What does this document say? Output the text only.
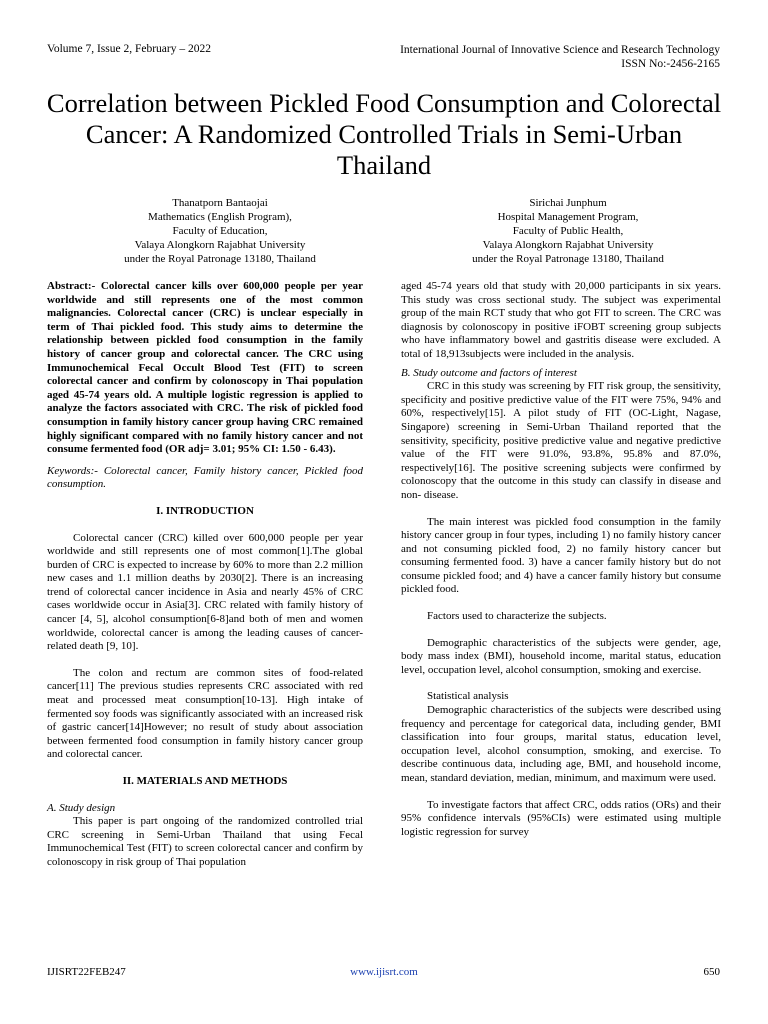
Volume 7, Issue 2, February – 2022	International Journal of Innovative Science and Research Technology
ISSN No:-2456-2165
Correlation between Pickled Food Consumption and Colorectal Cancer: A Randomized Controlled Trials in Semi-Urban Thailand
Thanatporn Bantaojai
Mathematics (English Program),
Faculty of Education,
Valaya Alongkorn Rajabhat University
under the Royal Patronage 13180, Thailand
Sirichai Junphum
Hospital Management Program,
Faculty of Public Health,
Valaya Alongkorn Rajabhat University
under the Royal Patronage 13180, Thailand

Abstract:- Colorectal cancer kills over 600,000 people per year worldwide and still represents one of the most common malignancies. Colorectal cancer (CRC) is unclear especially in term of Thai pickled food. This study aims to determine the relationship between pickled food consumption in the family history of cancer group and colorectal cancer. The CRC using Immunochemical Fecal Occult Blood Test (FIT) to screen colorectal cancer and confirm by colonoscopy in Thai population aged 45-74 years old. A multiple logistic regression is applied to analyze the factors associated with CRC. The risk of pickled food consumption in family history cancer group having CRC remained highly significant compared with no family history cancer and not consume fermented food (OR adj= 3.01; 95% CI: 1.50 - 6.43).

Keywords:- Colorectal cancer, Family history cancer, Pickled food consumption.

I. INTRODUCTION

Colorectal cancer (CRC) killed over 600,000 people per year worldwide and still represents one of most common[1].The global burden of CRC is expected to increase by 60% to more than 2.2 million new cases and 1.1 million deaths by 2030[2]. There is an increasing trend of colorectal cancer incidence in Asia and nearly 45% of CRC cases worldwide occur in Asia[3]. CRC related with family history of cancer [4, 5], alcohol consumption[6-8]and both of men and women worldwide, colorectal cancer is among the leading causes of cancer-related death [9, 10].

The colon and rectum are common sites of food-related cancer[11] The previous studies represents CRC associated with red meat and processed meat consumption[10-13]. High intake of fermented soy foods was significantly associated with an increased risk of gastric cancer[14]However; no result of study about association between fermented food consumption in family history cancer group and colorectal cancer.

II. MATERIALS AND METHODS
A. Study design

This paper is part ongoing of the randomized controlled trial CRC screening in Semi-Urban Thailand that using Fecal Immunochemical Test (FIT) to screen colorectal cancer and confirm by colonoscopy in risk group of Thai population

aged 45-74 years old that study with 20,000 participants in six years. This study was cross sectional study. The subject was experimental group of the main RCT study that who got FIT to screen. The CRC was diagnosis by colonoscopy in positive iFOBT screening group subjects who have inflammatory bowel and gastritis disease were excluded. A total of 18,913subjects were included in the analysis.

B. Study outcome and factors of interest

CRC in this study was screening by FIT risk group, the sensitivity, specificity and positive predictive value of the FIT were 75%, 94% and 60%, respectively[15]. A pilot study of FIT (OC-Light, Nagase, Singapore) screening in Semi-Urban Thailand reported that the sensitivity, specificity, positive predictive value and negative predictive value of the FIT were 91.0%, 93.8%, 95.8% and 87.0%, respectively[16]. The positive screening subjects were confirmed by colonoscopy that the outcome in this study can classify in disease and non- disease.

The main interest was pickled food consumption in the family history cancer group in four types, including 1) no family history cancer and not consuming pickled food, 2) no family history cancer but consuming fermented food. 3) have a cancer family history but do not consume pickled food; and 4) have a cancer family history but consume pickled food.

Factors used to characterize the subjects.

Demographic characteristics of the subjects were gender, age, body mass index (BMI), household income, marital status, education level, occupation level, alcohol consumption, smoking and exercise.

Statistical analysis

Demographic characteristics of the subjects were described using frequency and percentage for categorical data, including gender, BMI classification into four groups, marital status, education level, occupation level, alcohol consumption, smoking, and exercise. To describe continuous data, including age, BMI, and household income, mean, standard deviation, median, minimum, and maximum were used.

To investigate factors that affect CRC, odds ratios (ORs) and their 95% confidence intervals (95%CIs) were estimated using multiple logistic regression for survey

IJISRT22FEB247	www.ijisrt.com	650
